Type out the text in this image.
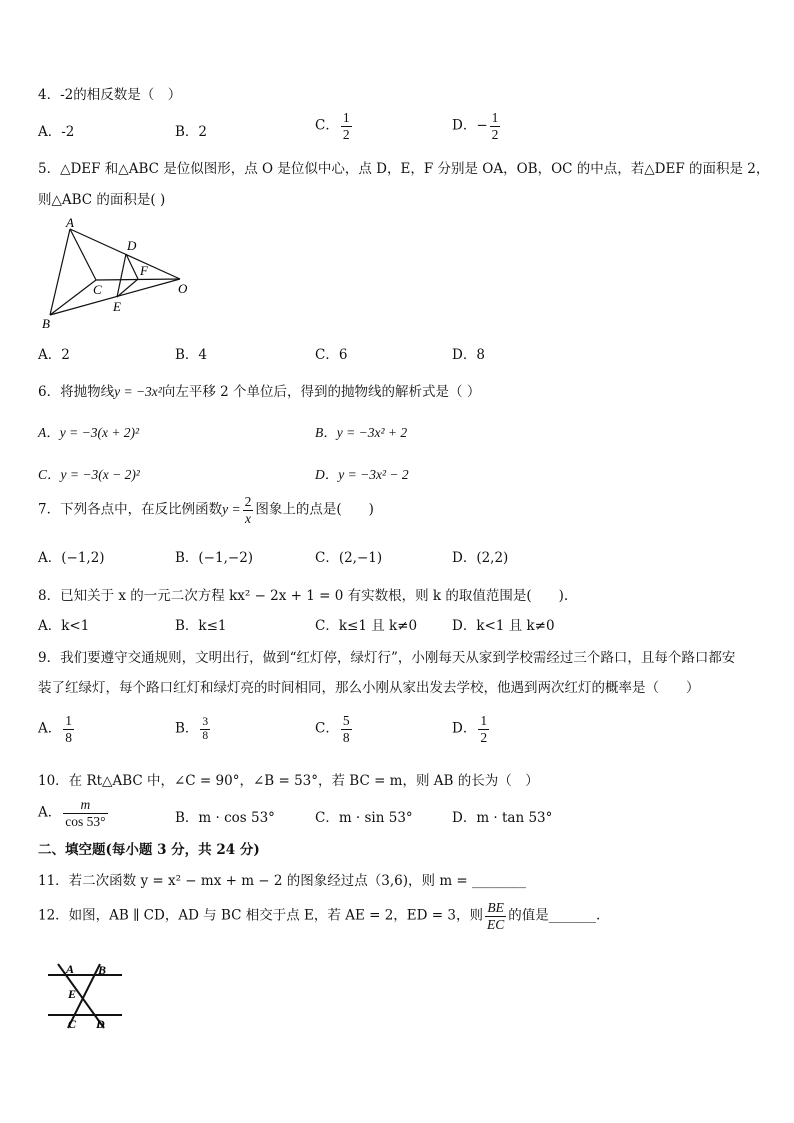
4．-2的相反数是（　）
A．-2	B．2	C． $\frac{1}{2}$	D．− $\frac{1}{2}$
5．△DEF 和△ABC 是位似图形，点 O 是位似中心，点 D，E，F 分别是 OA，OB，OC 的中点，若△DEF 的面积是 2，
则△ABC 的面积是( )
A
B
C
D
E
F
O
A．2	B．4	C．6	D．8
6．将抛物线y = −3x²向左平移 2 个单位后，得到的抛物线的解析式是（ ）
A．y = −3(x + 2)²	B．y = −3x² + 2
C．y = −3(x − 2)²	D．y = −3x² − 2
7．下列各点中，在反比例函数$y = \frac{2}{x}$ 图象上的点是(　　)
A．(−1,2)	B．(−1,−2)	C．(2,−1)	D．(2,2)
8．已知关于 x 的一元二次方程 kx² − 2x + 1 = 0 有实数根，则 k 的取值范围是(　　).
A．k<1	B．k≤1	C．k≤1 且 k≠0	D．k<1 且 k≠0
9．我们要遵守交通规则，文明出行，做到“红灯停，绿灯行”，小刚每天从家到学校需经过三个路口，且每个路口都安
装了红绿灯，每个路口红灯和绿灯亮的时间相同，那么小刚从家出发去学校，他遇到两次红灯的概率是（　　）
A． $\frac{1}{8}$	B． $\frac{3}{8}$	C． $\frac{5}{8}$	D． $\frac{1}{2}$
10．在 Rt△ABC 中，∠C = 90°，∠B = 53°，若 BC = m，则 AB 的长为（　）
A． $\frac{m}{\cos 53^\circ}$	B．m · cos 53°	C．m · sin 53°	D．m · tan 53°
二、填空题(每小题 3 分，共 24 分)
11．若二次函数 y = x² − mx + m − 2 的图象经过点（3,6)，则 m = ________
12．如图，AB ∥ CD，AD 与 BC 相交于点 E，若 AE = 2，ED = 3，则 $\frac{BE}{EC}$ 的值是_______.
A B
E
C D
